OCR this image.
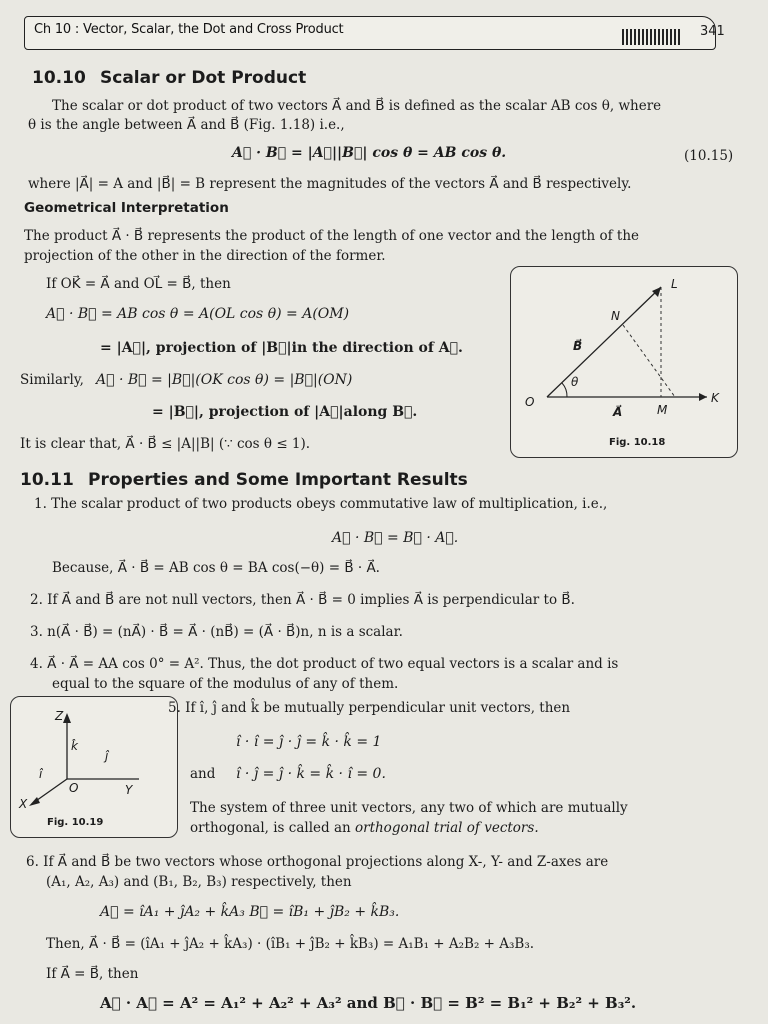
Ch 10 : Vector, Scalar, the Dot and Cross Product	341
10.10 Scalar or Dot Product
The scalar or dot product of two vectors A⃗ and B⃗ is defined as the scalar AB cos θ, where
θ is the angle between A⃗ and B⃗ (Fig. 1.18) i.e.,
A⃗ · B⃗ = |A⃗||B⃗| cos θ = AB cos θ.	(10.15)
where |A⃗| = A and |B⃗| = B represent the magnitudes of the vectors A⃗ and B⃗ respectively.
Geometrical Interpretation
The product A⃗ · B⃗ represents the product of the length of one vector and the length of the
projection of the other in the direction of the former.
If OK⃗ = A⃗ and OL⃗ = B⃗, then
A⃗ · B⃗ = AB cos θ = A(OL cos θ) = A(OM)
= |A⃗|, projection of |B⃗|in the direction of A⃗.
Similarly, A⃗ · B⃗ = |B⃗|(OK cos θ) = |B⃗|(ON)
= |B⃗|, projection of |A⃗|along B⃗.
It is clear that, A⃗ · B⃗ ≤ |A||B| (∵ cos θ ≤ 1).
L
N
B⃗
θ
O
A⃗	M
K
Fig. 10.18
10.11 Properties and Some Important Results
1. The scalar product of two products obeys commutative law of multiplication, i.e.,
A⃗ · B⃗ = B⃗ · A⃗.
Because, A⃗ · B⃗ = AB cos θ = BA cos(−θ) = B⃗ · A⃗.
2. If A⃗ and B⃗ are not null vectors, then A⃗ · B⃗ = 0 implies A⃗ is perpendicular to B⃗.
3. n(A⃗ · B⃗) = (nA⃗) · B⃗ = A⃗ · (nB⃗) = (A⃗ · B⃗)n, n is a scalar.
4. A⃗ · A⃗ = AA cos 0° = A². Thus, the dot product of two equal vectors is a scalar and is
equal to the square of the modulus of any of them.
Z
k̂
ĵ
î
O	Y
X
Fig. 10.19
5. If î, ĵ and k̂ be mutually perpendicular unit vectors, then
î · î = ĵ · ĵ = k̂ · k̂ = 1
and î · ĵ = ĵ · k̂ = k̂ · î = 0.
The system of three unit vectors, any two of which are mutually
orthogonal, is called an orthogonal trial of vectors.
6. If A⃗ and B⃗ be two vectors whose orthogonal projections along X-, Y- and Z-axes are
(A₁, A₂, A₃) and (B₁, B₂, B₃) respectively, then
A⃗ = îA₁ + ĵA₂ + k̂A₃ B⃗ = îB₁ + ĵB₂ + k̂B₃.
Then, A⃗ · B⃗ = (îA₁ + ĵA₂ + k̂A₃) · (îB₁ + ĵB₂ + k̂B₃) = A₁B₁ + A₂B₂ + A₃B₃.
If A⃗ = B⃗, then
A⃗ · A⃗ = A² = A₁² + A₂² + A₃² and B⃗ · B⃗ = B² = B₁² + B₂² + B₃².
